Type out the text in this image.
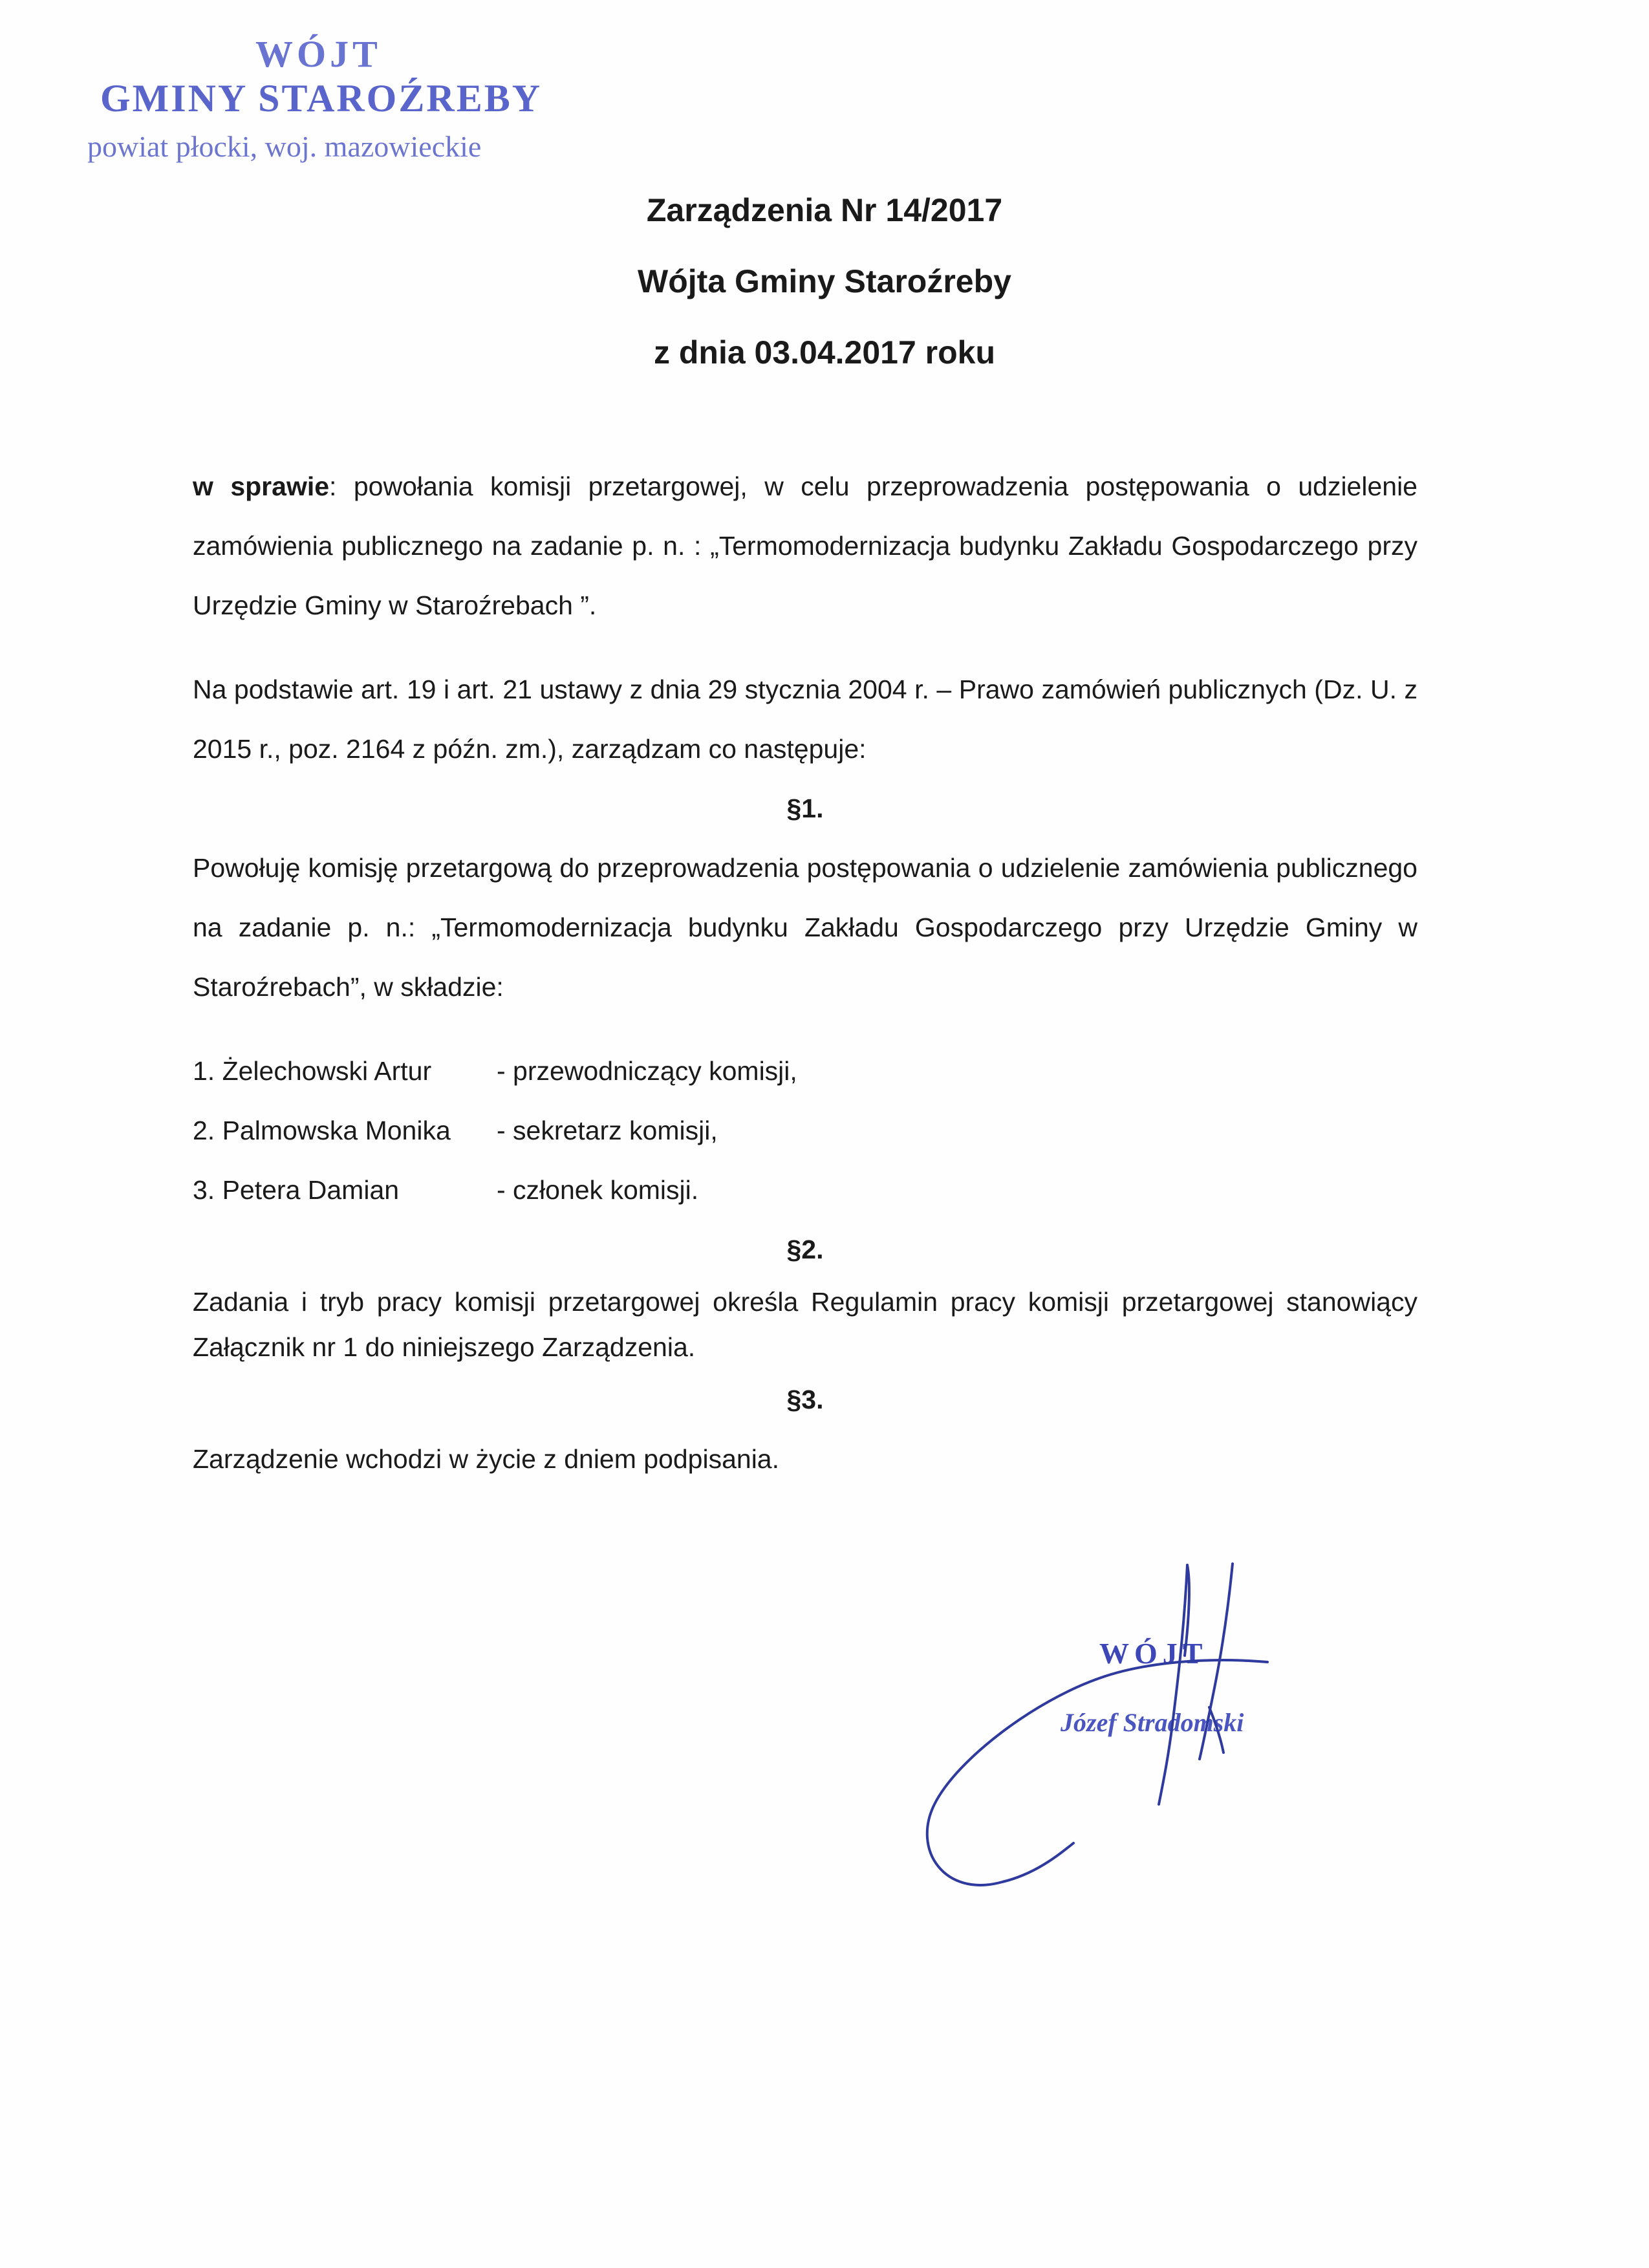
WÓJT
GMINY STAROŹREBY
powiat płocki, woj. mazowieckie
Zarządzenia Nr 14/2017
Wójta Gminy Staroźreby
z dnia 03.04.2017 roku

w sprawie: powołania komisji przetargowej, w celu przeprowadzenia postępowania o udzielenie zamówienia publicznego na zadanie p. n. : „Termomodernizacja budynku Zakładu Gospodarczego przy Urzędzie Gminy w Staroźrebach ”.

Na podstawie art. 19 i art. 21 ustawy z dnia 29 stycznia 2004 r. – Prawo zamówień publicznych (Dz. U. z 2015 r., poz. 2164 z późn. zm.), zarządzam co następuje:

§1.

Powołuję komisję przetargową do przeprowadzenia postępowania o udzielenie zamówienia publicznego na zadanie p. n.: „Termomodernizacja budynku Zakładu Gospodarczego przy Urzędzie Gminy w Staroźrebach”, w składzie:

1. Żelechowski Artur	- przewodniczący komisji,
2. Palmowska Monika	- sekretarz komisji,
3. Petera Damian	- członek komisji.
§2.

Zadania i tryb pracy komisji przetargowej określa Regulamin pracy komisji przetargowej stanowiący Załącznik nr 1 do niniejszego Zarządzenia.

§3.

Zarządzenie wchodzi w życie z dniem podpisania.

WÓJT
Józef Stradomski
